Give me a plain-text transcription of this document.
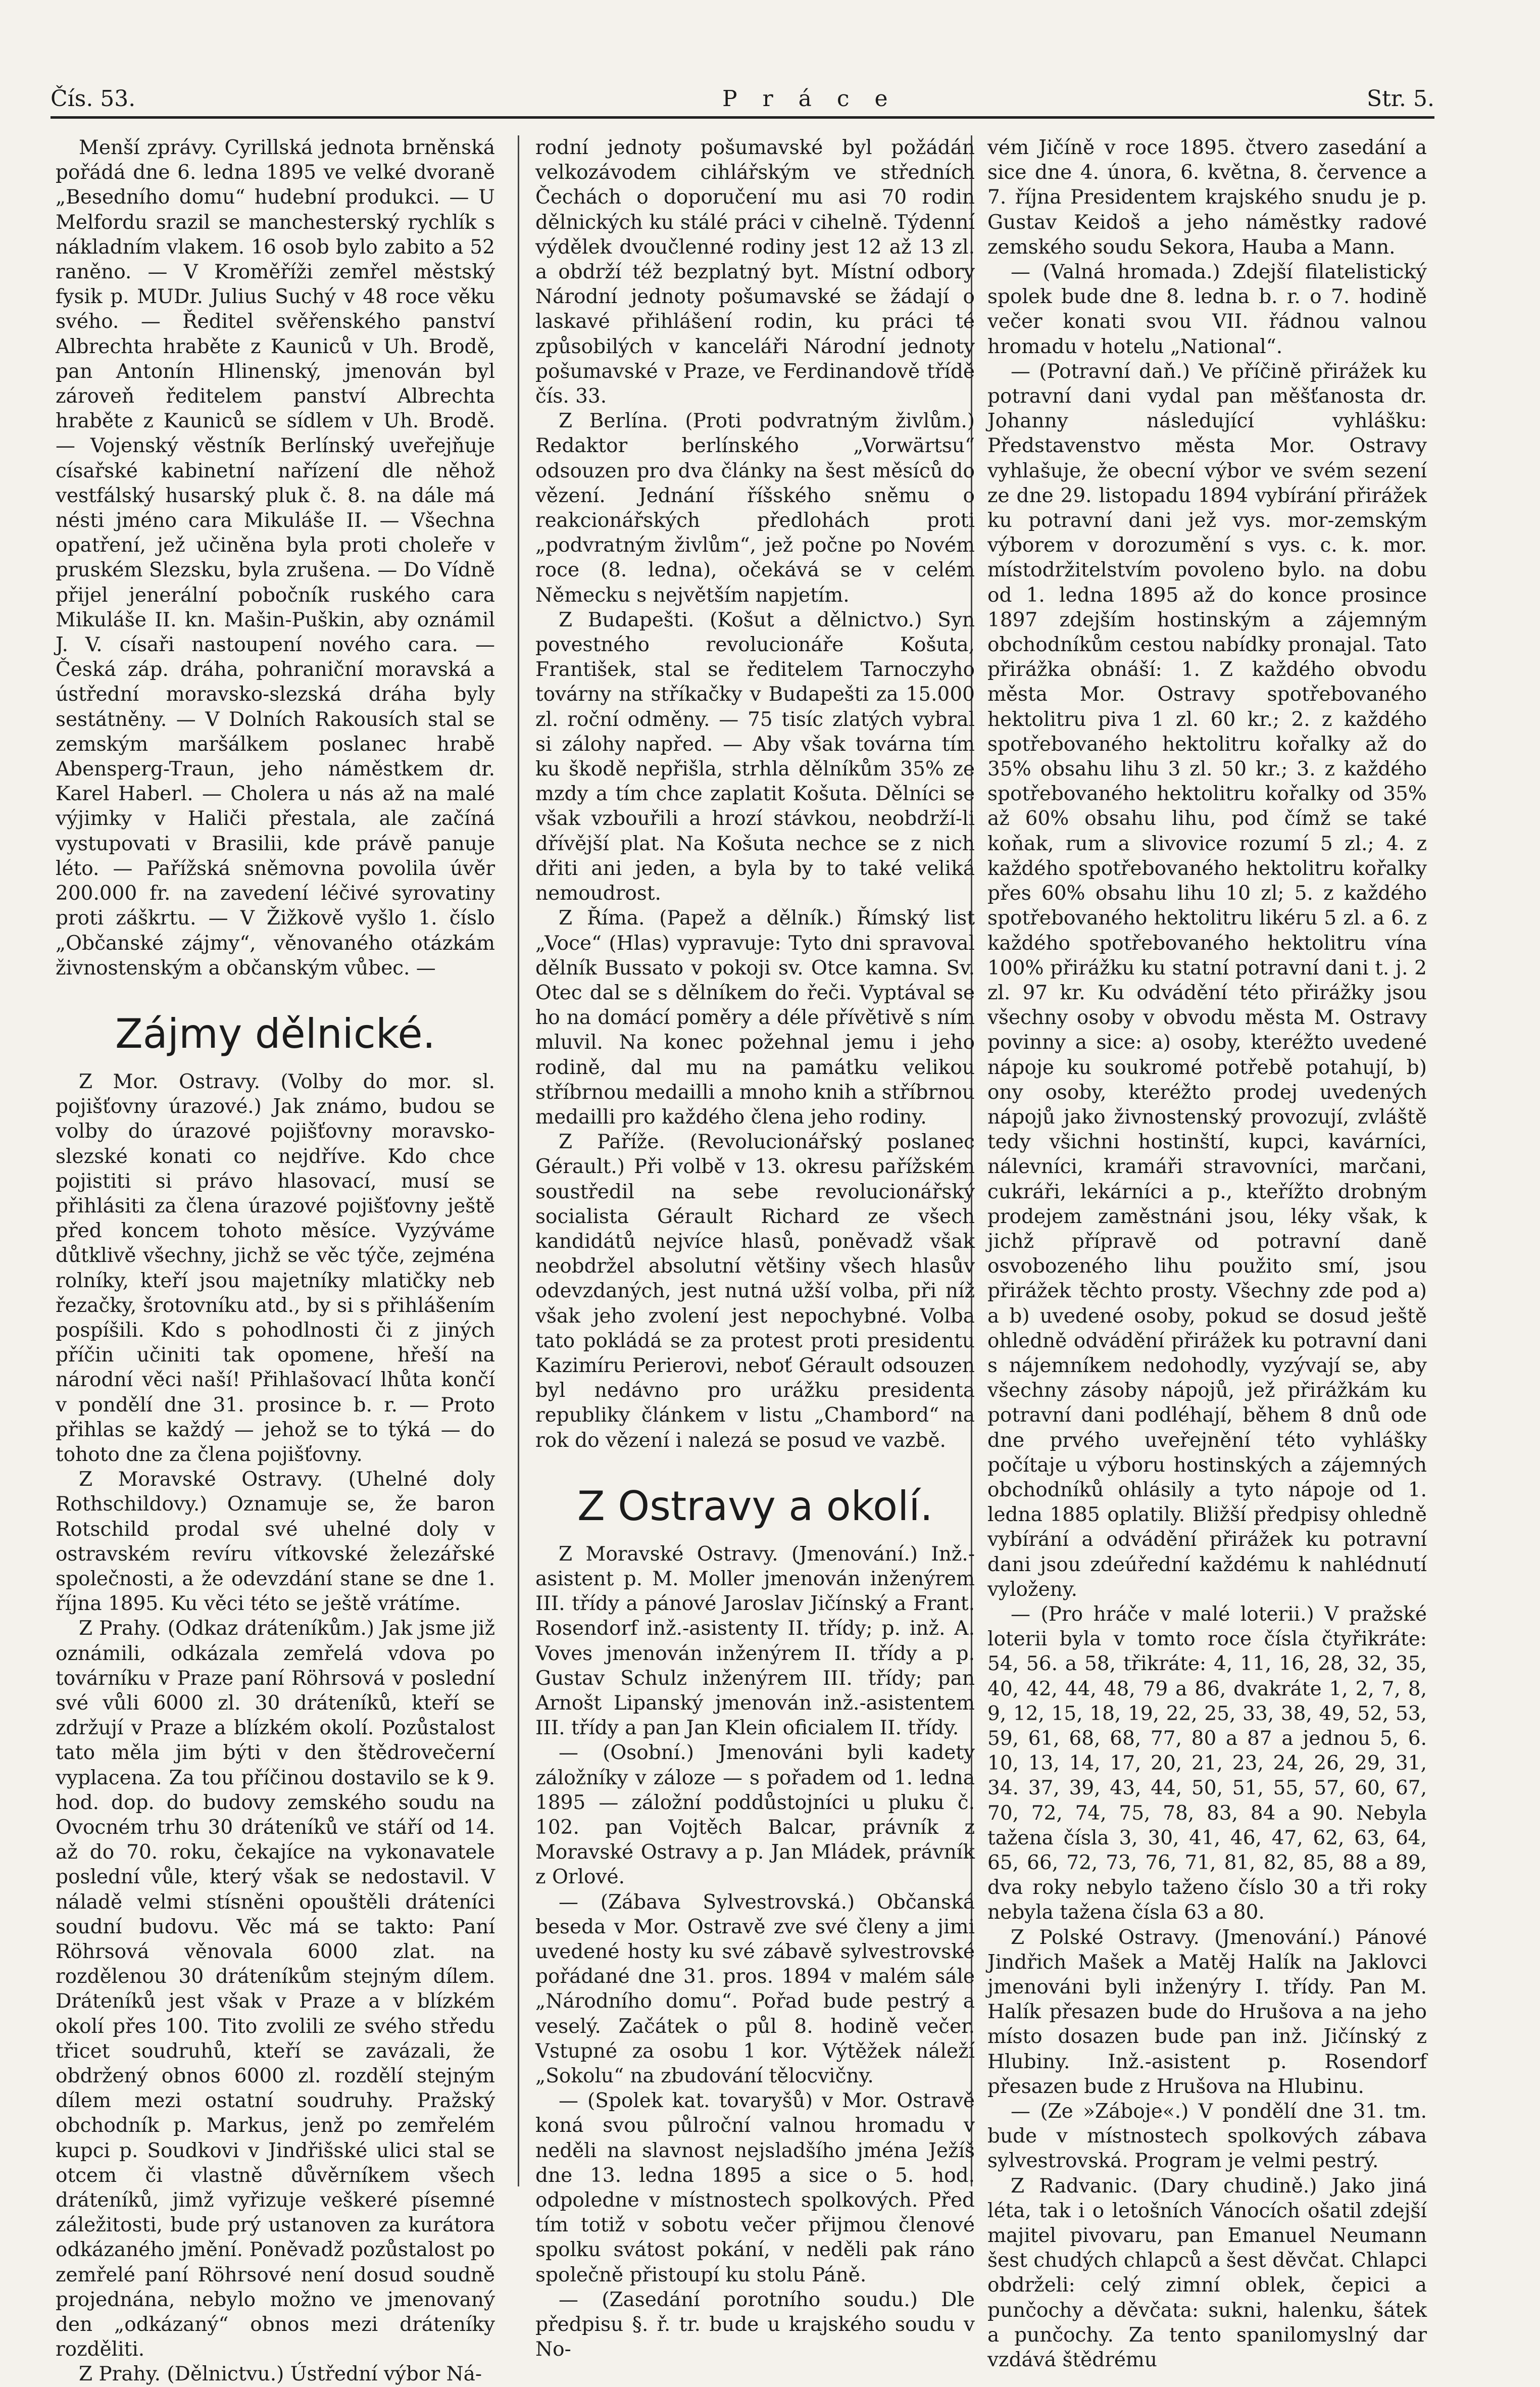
Čís. 53.	P r á c e	Str. 5.

Menší zprávy. Cyrillská jednota brněnská pořádá dne 6. ledna 1895 ve velké dvoraně „Besedního domu“ hudební produkci. — U Melfordu srazil se manchesterský rychlík s nákladním vlakem. 16 osob bylo zabito a 52 raněno. — V Kroměříži zemřel městský fysik p. MUDr. Julius Suchý v 48 roce věku svého. — Ředitel svěřenského panství Albrechta hraběte z Kauniců v Uh. Brodě, pan Antonín Hlinenský, jmenován byl zároveň ředitelem panství Albrechta hraběte z Kauniců se sídlem v Uh. Brodě. — Vojenský věstník Berlínský uveřejňuje císařské kabinetní nařízení dle něhož vestfálský husarský pluk č. 8. na dále má nésti jméno cara Mikuláše II. — Všechna opatření, jež učiněna byla proti choleře v pruském Slezsku, byla zrušena. — Do Vídně přijel jenerální pobočník ruského cara Mikuláše II. kn. Mašin-Puškin, aby oznámil J. V. císaři nastoupení nového cara. — Česká záp. dráha, pohraniční moravská a ústřední moravsko-slezská dráha byly sestátněny. — V Dolních Rakousích stal se zemským maršálkem poslanec hrabě Abensperg-Traun, jeho náměstkem dr. Karel Haberl. — Cholera u nás až na malé výjimky v Haliči přestala, ale začíná vystupovati v Brasilii, kde právě panuje léto. — Pařížská sněmovna povolila úvěr 200.000 fr. na zavedení léčivé syrovatiny proti záškrtu. — V Žižkově vyšlo 1. číslo „Občanské zájmy“, věnovaného otázkám živnostenským a občanským vůbec. —

Zájmy dělnické.

Z Mor. Ostravy. (Volby do mor. sl. pojišťovny úrazové.) Jak známo, budou se volby do úrazové pojišťovny moravsko-slezské konati co nejdříve. Kdo chce pojistiti si právo hlasovací, musí se přihlásiti za člena úrazové pojišťovny ještě před koncem tohoto měsíce. Vyzýváme důtklivě všechny, jichž se věc týče, zejména rolníky, kteří jsou majetníky mlatičky neb řezačky, šrotovníku atd., by si s přihlášením pospíšili. Kdo s pohodlnosti či z jiných příčin učiniti tak opomene, hřeší na národní věci naší! Přihlašovací lhůta končí v pondělí dne 31. prosince b. r. — Proto přihlas se každý — jehož se to týká — do tohoto dne za člena pojišťovny.

Z Moravské Ostravy. (Uhelné doly Rothschildovy.) Oznamuje se, že baron Rotschild prodal své uhelné doly v ostravském revíru vítkovské železářské společnosti, a že odevzdání stane se dne 1. října 1895. Ku věci této se ještě vrátíme.

Z Prahy. (Odkaz dráteníkům.) Jak jsme již oznámili, odkázala zemřelá vdova po továrníku v Praze paní Röhrsová v poslední své vůli 6000 zl. 30 dráteníků, kteří se zdržují v Praze a blízkém okolí. Pozůstalost tato měla jim býti v den štědrovečerní vyplacena. Za tou příčinou dostavilo se k 9. hod. dop. do budovy zemského soudu na Ovocném trhu 30 dráteníků ve stáří od 14. až do 70. roku, čekajíce na vykonavatele poslední vůle, který však se nedostavil. V náladě velmi stísněni opouštěli dráteníci soudní budovu. Věc má se takto: Paní Röhrsová věnovala 6000 zlat. na rozdělenou 30 dráteníkům stejným dílem. Dráteníků jest však v Praze a v blízkém okolí přes 100. Tito zvolili ze svého středu třicet soudruhů, kteří se zavázali, že obdržený obnos 6000 zl. rozdělí stejným dílem mezi ostatní soudruhy. Pražský obchodník p. Markus, jenž po zemřelém kupci p. Soudkovi v Jindřišské ulici stal se otcem či vlastně důvěrníkem všech dráteníků, jimž vyřizuje veškeré písemné záležitosti, bude prý ustanoven za kurátora odkázaného jmění. Poněvadž pozůstalost po zemřelé paní Röhrsové není dosud soudně projednána, nebylo možno ve jmenovaný den „odkázaný“ obnos mezi dráteníky rozděliti.

Z Prahy. (Dělnictvu.) Ústřední výbor Ná-

rodní jednoty pošumavské byl požádán velkozávodem cihlářským ve středních Čechách o doporučení mu asi 70 rodin dělnických ku stálé práci v cihelně. Týdenní výdělek dvoučlenné rodiny jest 12 až 13 zl. a obdrží též bezplatný byt. Místní odbory Národní jednoty pošumavské se žádají o laskavé přihlášení rodin, ku práci té způsobilých v kanceláři Národní jednoty pošumavské v Praze, ve Ferdinandově třídě čís. 33.

Z Berlína. (Proti podvratným živlům.) Redaktor berlínského „Vorwärtsu“ odsouzen pro dva články na šest měsíců do vězení. Jednání říšského sněmu o reakcionářských předlohách proti „podvratným živlům“, jež počne po Novém roce (8. ledna), očekává se v celém Německu s největším napjetím.

Z Budapešti. (Košut a dělnictvo.) Syn povestného revolucionáře Košuta, František, stal se ředitelem Tarnoczyho továrny na stříkačky v Budapešti za 15.000 zl. roční odměny. — 75 tisíc zlatých vybral si zálohy napřed. — Aby však továrna tím ku škodě nepřišla, strhla dělníkům 35% ze mzdy a tím chce zaplatit Košuta. Dělníci se však vzbouřili a hrozí stávkou, neobdrží-li dřívější plat. Na Košuta nechce se z nich dřiti ani jeden, a byla by to také veliká nemoudrost.

Z Říma. (Papež a dělník.) Římský list „Voce“ (Hlas) vypravuje: Tyto dni spravoval dělník Bussato v pokoji sv. Otce kamna. Sv. Otec dal se s dělníkem do řeči. Vyptával se ho na domácí poměry a déle přívětivě s ním mluvil. Na konec požehnal jemu i jeho rodině, dal mu na památku velikou stříbrnou medailli a mnoho knih a stříbrnou medailli pro každého člena jeho rodiny.

Z Paříže. (Revolucionářský poslanec Gérault.) Při volbě v 13. okresu pařížském soustředil na sebe revolucionářský socialista Gérault Richard ze všech kandidátů nejvíce hlasů, poněvadž však neobdržel absolutní většiny všech hlasův odevzdaných, jest nutná užší volba, při níž však jeho zvolení jest nepochybné. Volba tato pokládá se za protest proti presidentu Kazimíru Perierovi, neboť Gérault odsouzen byl nedávno pro urážku presidenta republiky článkem v listu „Chambord“ na rok do vězení i nalezá se posud ve vazbě.

Z Ostravy a okolí.

Z Moravské Ostravy. (Jmenování.) Inž.-asistent p. M. Moller jmenován inženýrem III. třídy a pánové Jaroslav Jičínský a Frant. Rosendorf inž.-asistenty II. třídy; p. inž. A. Voves jmenován inženýrem II. třídy a p. Gustav Schulz inženýrem III. třídy; pan Arnošt Lipanský jmenován inž.-asistentem III. třídy a pan Jan Klein oficialem II. třídy.

— (Osobní.) Jmenováni byli kadety záložníky v záloze — s pořadem od 1. ledna 1895 — záložní poddůstojníci u pluku č. 102. pan Vojtěch Balcar, právník z Moravské Ostravy a p. Jan Mládek, právník z Orlové.

— (Zábava Sylvestrovská.) Občanská beseda v Mor. Ostravě zve své členy a jimi uvedené hosty ku své zábavě sylvestrovské pořádané dne 31. pros. 1894 v malém sále „Národního domu“. Pořad bude pestrý a veselý. Začátek o půl 8. hodině večer. Vstupné za osobu 1 kor. Výtěžek náleží „Sokolu“ na zbudování tělocvičny.

— (Spolek kat. tovaryšů) v Mor. Ostravě koná svou půlroční valnou hromadu v neděli na slavnost nejsladšího jména Ježíš dne 13. ledna 1895 a sice o 5. hod. odpoledne v místnostech spolkových. Před tím totiž v sobotu večer přijmou členové spolku svátost pokání, v neděli pak ráno společně přistoupí ku stolu Páně.

— (Zasedání porotního soudu.) Dle předpisu §. ř. tr. bude u krajského soudu v No-

vém Jičíně v roce 1895. čtvero zasedání a sice dne 4. února, 6. května, 8. července a 7. října Presidentem krajského snudu je p. Gustav Keidoš a jeho náměstky radové zemského soudu Sekora, Hauba a Mann.

— (Valná hromada.) Zdejší filatelistický spolek bude dne 8. ledna b. r. o 7. hodině večer konati svou VII. řádnou valnou hromadu v hotelu „National“.

— (Potravní daň.) Ve příčině přirážek ku potravní dani vydal pan měšťanosta dr. Johanny následující vyhlášku: Představenstvo města Mor. Ostravy vyhlašuje, že obecní výbor ve svém sezení ze dne 29. listopadu 1894 vybírání přirážek ku potravní dani jež vys. mor-zemským výborem v dorozumění s vys. c. k. mor. místodržitelstvím povoleno bylo. na dobu od 1. ledna 1895 až do konce prosince 1897 zdejším hostinským a zájemným obchodníkům cestou nabídky pronajal. Tato přirážka obnáší: 1. Z každého obvodu města Mor. Ostravy spotřebovaného hektolitru piva 1 zl. 60 kr.; 2. z každého spotřebovaného hektolitru kořalky až do 35% obsahu lihu 3 zl. 50 kr.; 3. z každého spotřebovaného hektolitru kořalky od 35% až 60% obsahu lihu, pod čímž se také koňak, rum a slivovice rozumí 5 zl.; 4. z každého spotřebovaného hektolitru kořalky přes 60% obsahu lihu 10 zl; 5. z každého spotřebovaného hektolitru likéru 5 zl. a 6. z každého spotřebovaného hektolitru vína 100% přirážku ku statní potravní dani t. j. 2 zl. 97 kr. Ku odvádění této přirážky jsou všechny osoby v obvodu města M. Ostravy povinny a sice: a) osoby, kteréžto uvedené nápoje ku soukromé potřebě potahují, b) ony osoby, kteréžto prodej uvedených nápojů jako živnostenský provozují, zvláště tedy všichni hostinští, kupci, kavárníci, nálevníci, kramáři stravovníci, marčani, cukráři, lekárníci a p., kteřížto drobným prodejem zaměstnáni jsou, léky však, k jichž přípravě od potravní daně osvobozeného lihu použito smí, jsou přirážek těchto prosty. Všechny zde pod a) a b) uvedené osoby, pokud se dosud ještě ohledně odvádění přirážek ku potravní dani s nájemníkem nedohodly, vyzývají se, aby všechny zásoby nápojů, jež přirážkám ku potravní dani podléhají, během 8 dnů ode dne prvého uveřejnění této vyhlášky počítaje u výboru hostinských a zájemných obchodníků ohlásily a tyto nápoje od 1. ledna 1885 oplatily. Bližší předpisy ohledně vybírání a odvádění přirážek ku potravní dani jsou zdeúřední každému k nahlédnutí vyloženy.

— (Pro hráče v malé loterii.) V pražské loterii byla v tomto roce čísla čtyřikráte: 54, 56. a 58, třikráte: 4, 11, 16, 28, 32, 35, 40, 42, 44, 48, 79 a 86, dvakráte 1, 2, 7, 8, 9, 12, 15, 18, 19, 22, 25, 33, 38, 49, 52, 53, 59, 61, 68, 68, 77, 80 a 87 a jednou 5, 6. 10, 13, 14, 17, 20, 21, 23, 24, 26, 29, 31, 34. 37, 39, 43, 44, 50, 51, 55, 57, 60, 67, 70, 72, 74, 75, 78, 83, 84 a 90. Nebyla tažena čísla 3, 30, 41, 46, 47, 62, 63, 64, 65, 66, 72, 73, 76, 71, 81, 82, 85, 88 a 89, dva roky nebylo taženo číslo 30 a tři roky nebyla tažena čísla 63 a 80.

Z Polské Ostravy. (Jmenování.) Pánové Jindřich Mašek a Matěj Halík na Jaklovci jmenováni byli inženýry I. třídy. Pan M. Halík přesazen bude do Hrušova a na jeho místo dosazen bude pan inž. Jičínský z Hlubiny. Inž.-asistent p. Rosendorf přesazen bude z Hrušova na Hlubinu.

— (Ze »Záboje«.) V pondělí dne 31. tm. bude v místnostech spolkových zábava sylvestrovská. Program je velmi pestrý.

Z Radvanic. (Dary chudině.) Jako jiná léta, tak i o letošních Vánocích ošatil zdejší majitel pivovaru, pan Emanuel Neumann šest chudých chlapců a šest děvčat. Chlapci obdrželi: celý zimní oblek, čepici a punčochy a děvčata: sukni, halenku, šátek a punčochy. Za tento spanilomyslný dar vzdává štědrému
